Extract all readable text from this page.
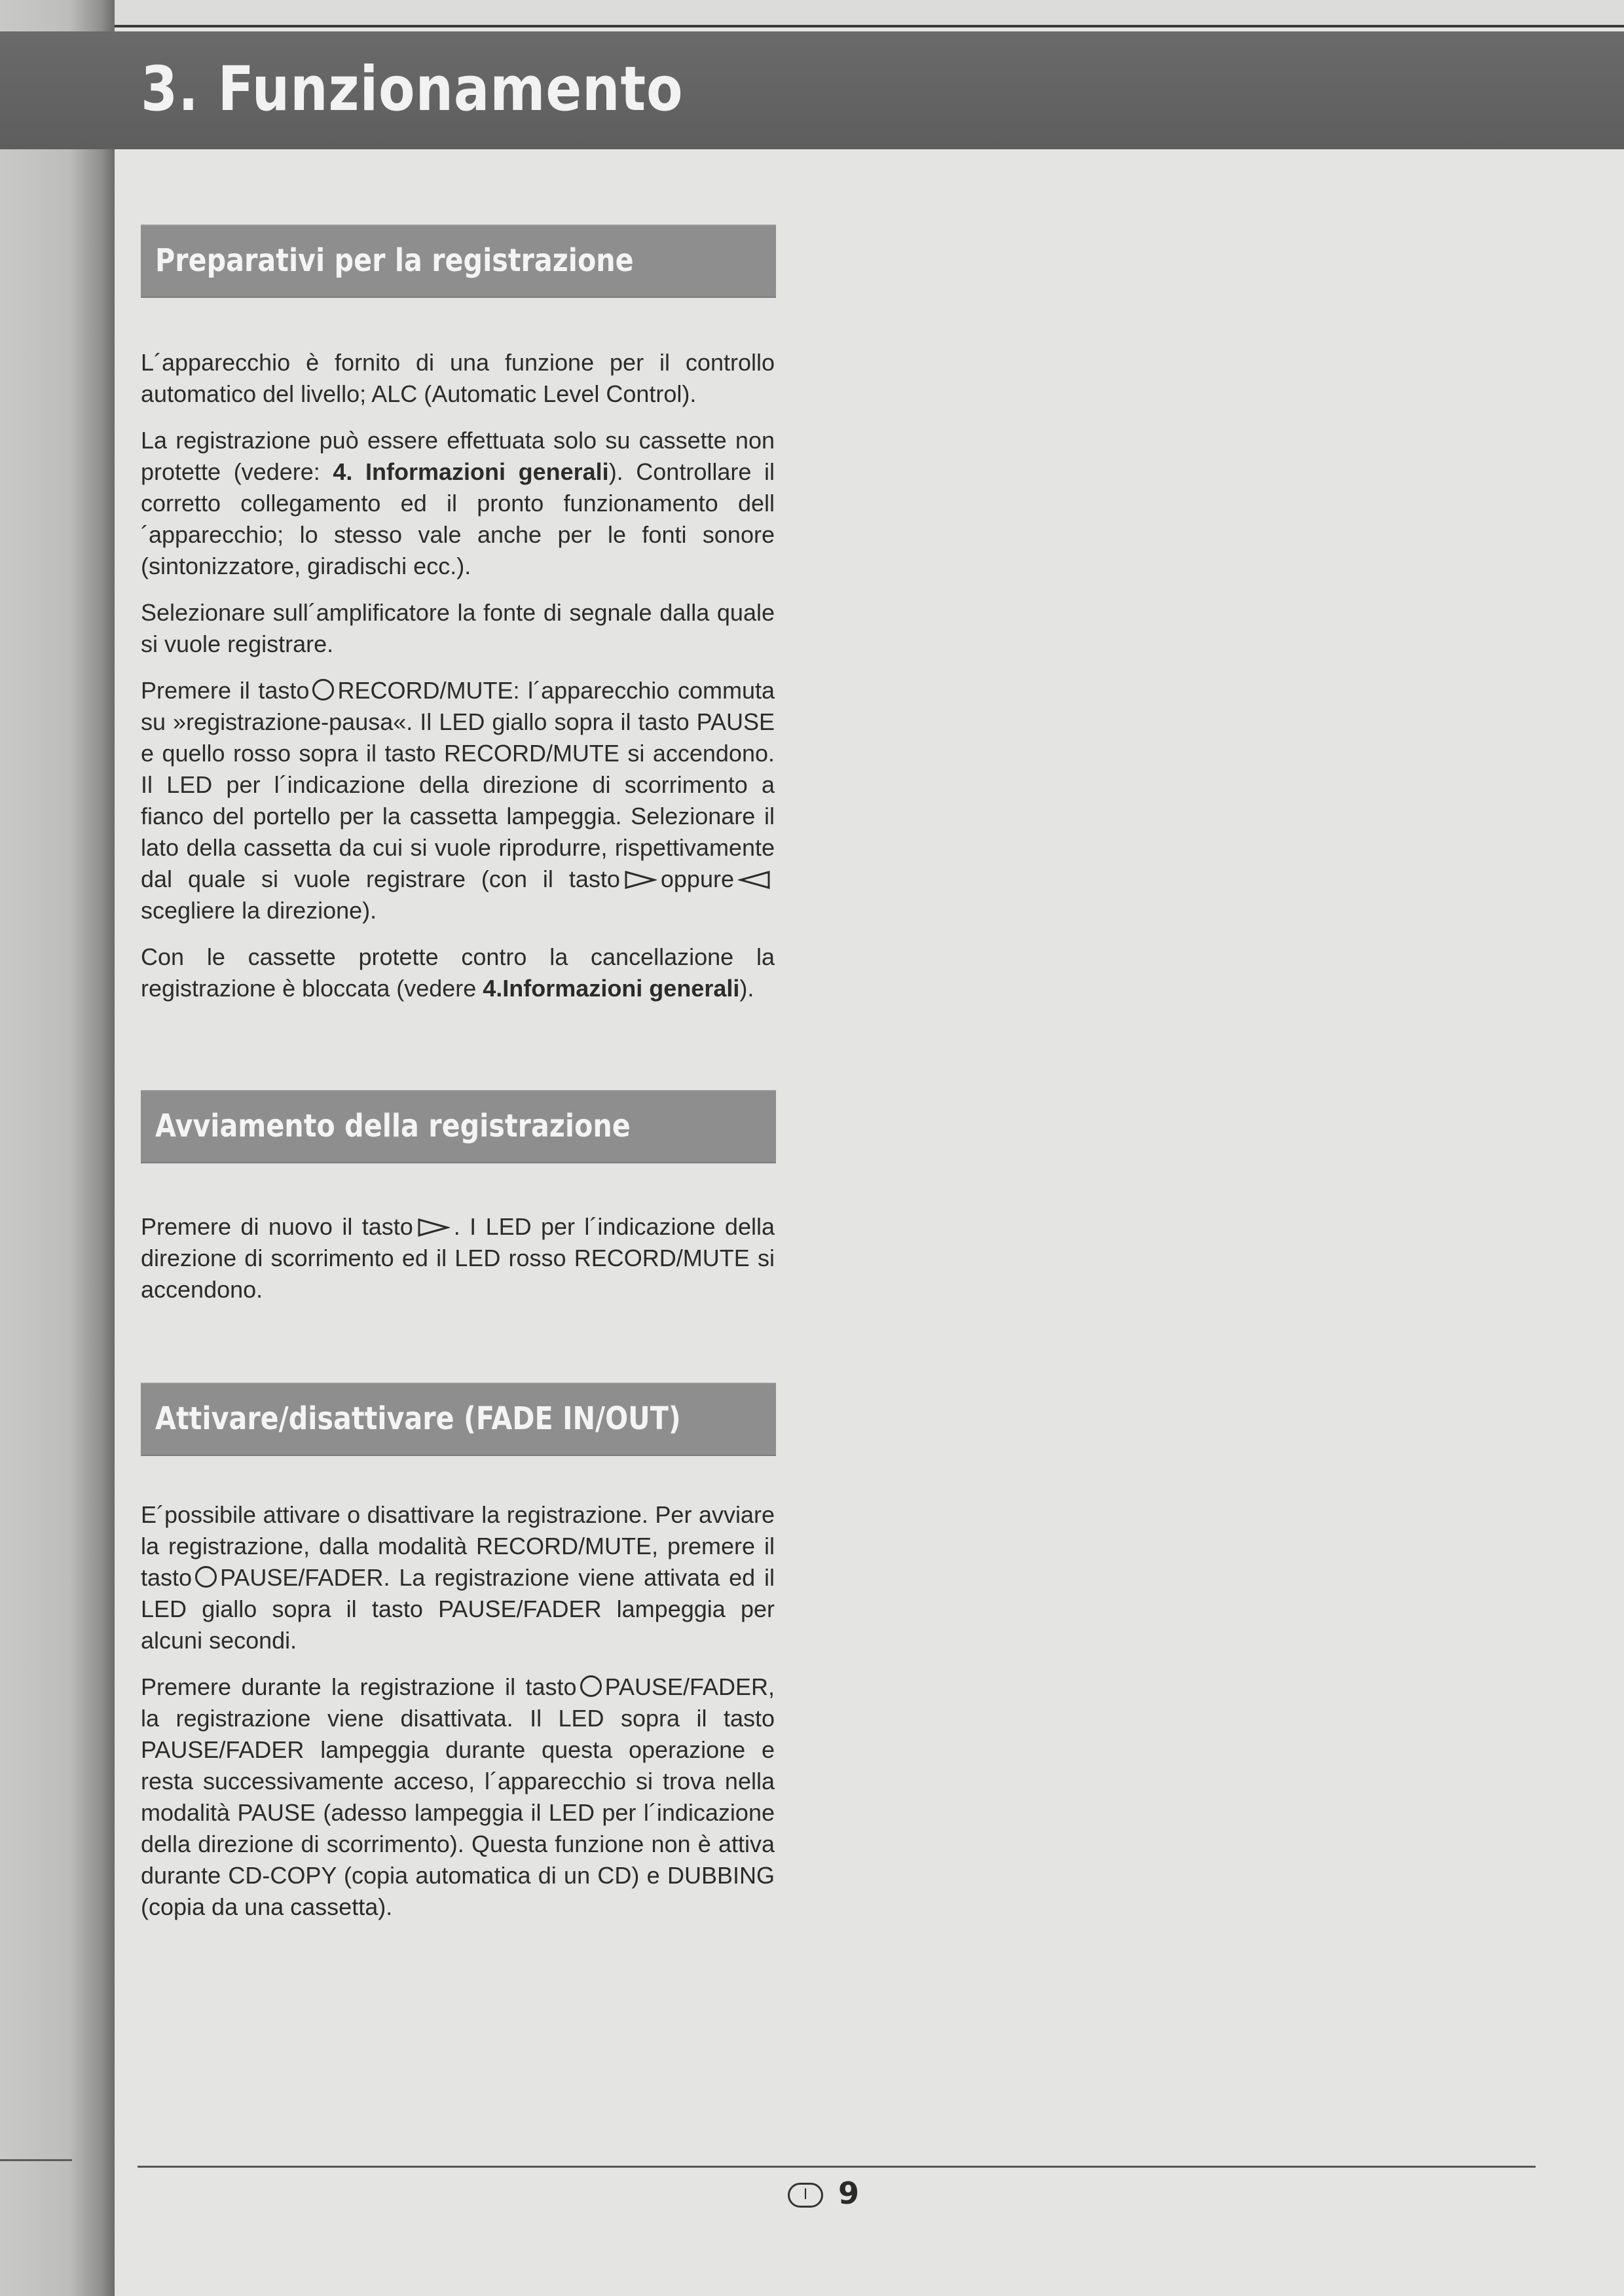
3. Funzionamento
Preparativi per la registrazione

L´apparecchio è fornito di una funzione per il controllo automatico del livello; ALC (Automatic Level Control).

La registrazione può essere effettuata solo su cassette non protette (vedere: 4. Informazioni generali). Controllare il corretto collegamento ed il pronto funzionamento dell´apparecchio; lo stesso vale anche per le fonti sonore (sintonizzatore, giradischi ecc.).

Selezionare sull´amplificatore la fonte di segnale dalla quale si vuole registrare.

Premere il tasto RECORD/MUTE: l´apparecchio commuta su »registrazione-pausa«. Il LED giallo sopra il tasto PAUSE e quello rosso sopra il tasto RECORD/MUTE si accendono. Il LED per l´indicazione della direzione di scorrimento a fianco del portello per la cassetta lampeggia. Selezionare il lato della cassetta da cui si vuole riprodurre, rispettivamente dal quale si vuole registrare (con il tasto oppurescegliere la direzione).

Con le cassette protette contro la cancellazione la registrazione è bloccata (vedere 4.Informazioni generali).

Avviamento della registrazione

Premere di nuovo il tasto . I LED per l´indicazione della direzione di scorrimento ed il LED rosso RECORD/MUTE si accendono.

Attivare/disattivare (FADE IN/OUT)

E´possibile attivare o disattivare la registrazione. Per avviare la registrazione, dalla modalità RECORD/MUTE, premere il tasto PAUSE/FADER. La registrazione viene attivata ed il LED giallo sopra il tasto PAUSE/FADER lampeggia per alcuni secondi.

Premere durante la registrazione il tasto PAUSE/FADER, la registrazione viene disattivata. Il LED sopra il tasto PAUSE/FADER lampeggia durante questa operazione e resta successivamente acceso, l´apparecchio si trova nella modalità PAUSE (adesso lampeggia il LED per l´indicazione della direzione di scorrimento). Questa funzione non è attiva durante CD-COPY (copia automatica di un CD) e DUBBING (copia da una cassetta).

I	9
